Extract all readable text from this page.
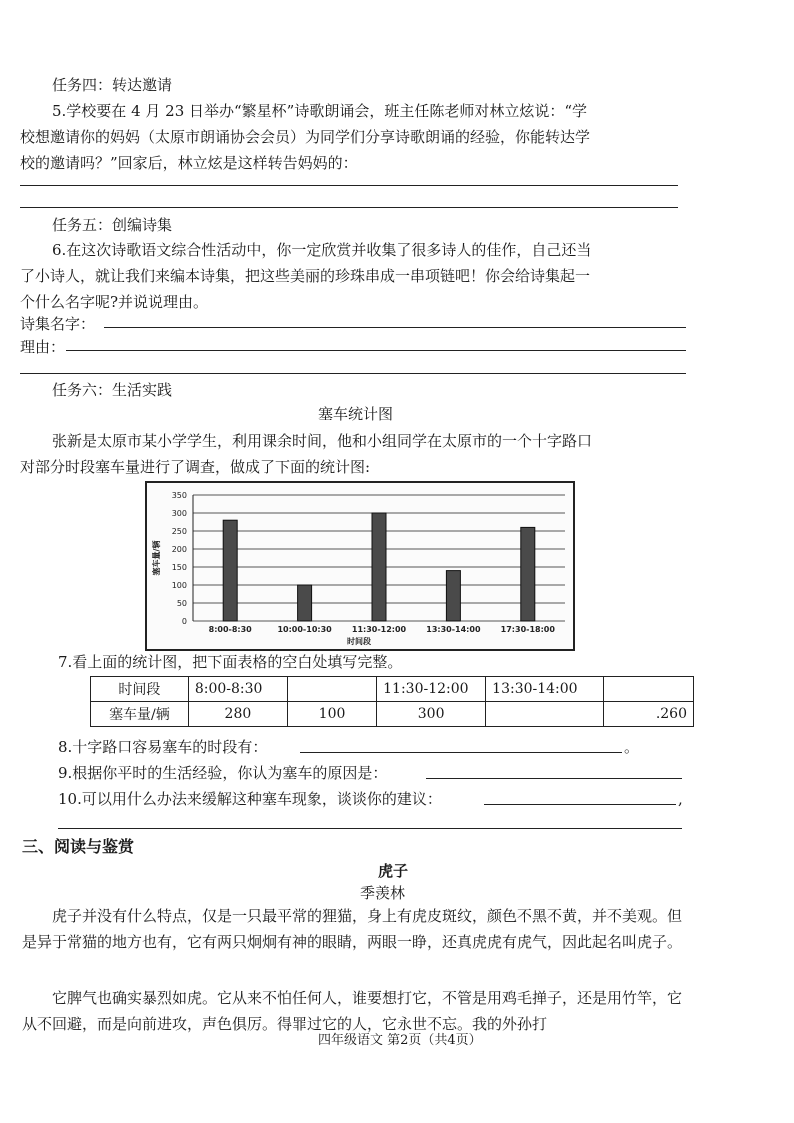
任务四：转达邀请
5.学校要在 4 月 23 日举办“繁星杯”诗歌朗诵会，班主任陈老师对林立炫说：“学
校想邀请你的妈妈（太原市朗诵协会会员）为同学们分享诗歌朗诵的经验，你能转达学
校的邀请吗？”回家后，林立炫是这样转告妈妈的：
任务五：创编诗集
6.在这次诗歌语文综合性活动中，你一定欣赏并收集了很多诗人的佳作，自己还当
了小诗人，就让我们来编本诗集，把这些美丽的珍珠串成一串项链吧！你会给诗集起一
个什么名字呢?并说说理由。
诗集名字：
理由：
任务六：生活实践
塞车统计图
张新是太原市某小学学生，利用课余时间，他和小组同学在太原市的一个十字路口
对部分时段塞车量进行了调查，做成了下面的统计图:
0
50
100
150
200
250
300
350
8:00-8:30	10:00-10:30	11:30-12:00	13:30-14:00	17:30-18:00
时间段
塞车量/辆
7.看上面的统计图，把下面表格的空白处填写完整。
时间段	8:00-8:30		11:30-12:00	13:30-14:00	
塞车量/辆	280	100	300		.260
8.十字路口容易塞车的时段有：	。
9.根据你平时的生活经验，你认为塞车的原因是：
10.可以用什么办法来缓解这种塞车现象，谈谈你的建议：	,
三、阅读与鉴赏
虎子
季羡林
虎子并没有什么特点，仅是一只最平常的狸猫，身上有虎皮斑纹，颜色不黑不黄，并不美观。但是异于常猫的地方也有，它有两只炯炯有神的眼睛，两眼一睁，还真虎虎有虎气，因此起名叫虎子。
它脾气也确实暴烈如虎。它从来不怕任何人，谁要想打它，不管是用鸡毛掸子，还是用竹竿，它从不回避，而是向前进攻，声色俱厉。得罪过它的人，它永世不忘。我的外孙打
四年级语文 第2页（共4页）
